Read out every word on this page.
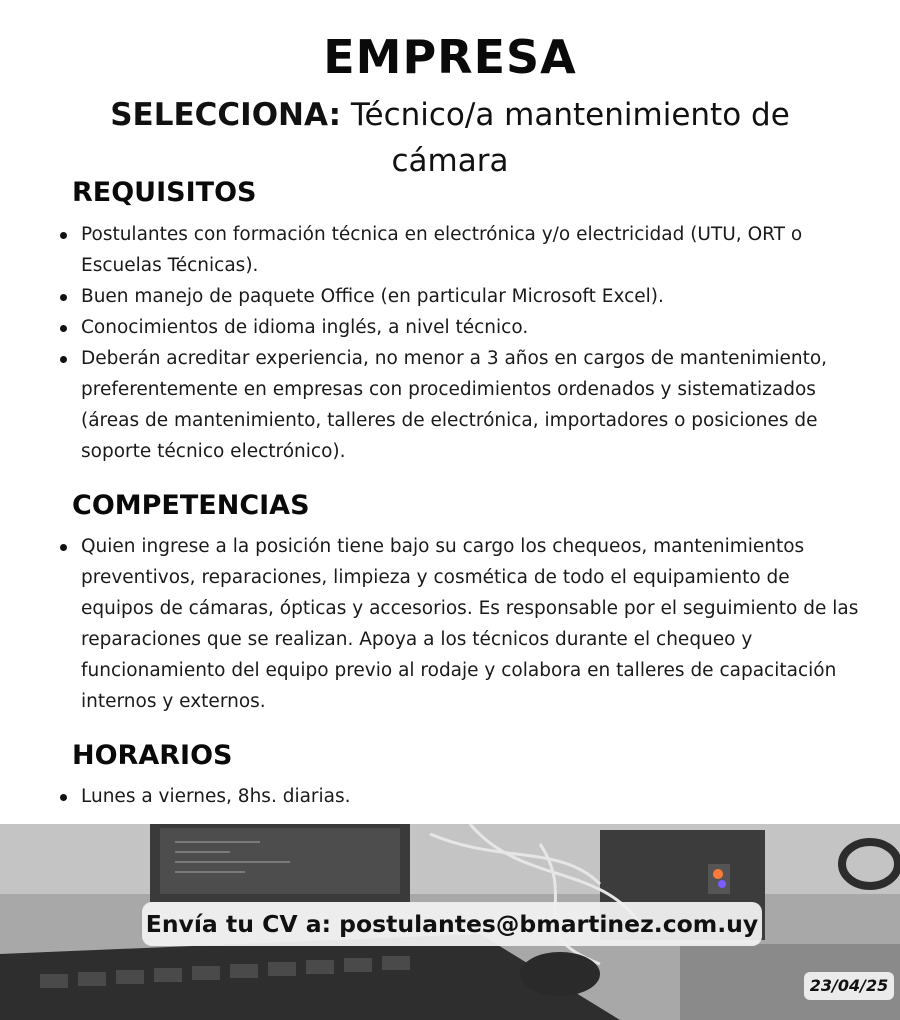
EMPRESA
SELECCIONA: Técnico/a mantenimiento de cámara
REQUISITOS
Postulantes con formación técnica en electrónica y/o electricidad (UTU, ORT o Escuelas Técnicas).
Buen manejo de paquete Office (en particular Microsoft Excel).
Conocimientos de idioma inglés, a nivel técnico.
Deberán acreditar experiencia, no menor a 3 años en cargos de mantenimiento, preferentemente en empresas con procedimientos ordenados y sistematizados (áreas de mantenimiento, talleres de electrónica, importadores o posiciones de soporte técnico electrónico).
COMPETENCIAS
Quien ingrese a la posición tiene bajo su cargo los chequeos, mantenimientos preventivos, reparaciones, limpieza y cosmética de todo el equipamiento de equipos de cámaras, ópticas y accesorios. Es responsable por el seguimiento de las reparaciones que se realizan. Apoya a los técnicos durante el chequeo y funcionamiento del equipo previo al rodaje y colabora en talleres de capacitación internos y externos.
HORARIOS
Lunes a viernes, 8hs. diarias.
Envía tu CV a: postulantes@bmartinez.com.uy
23/04/25
